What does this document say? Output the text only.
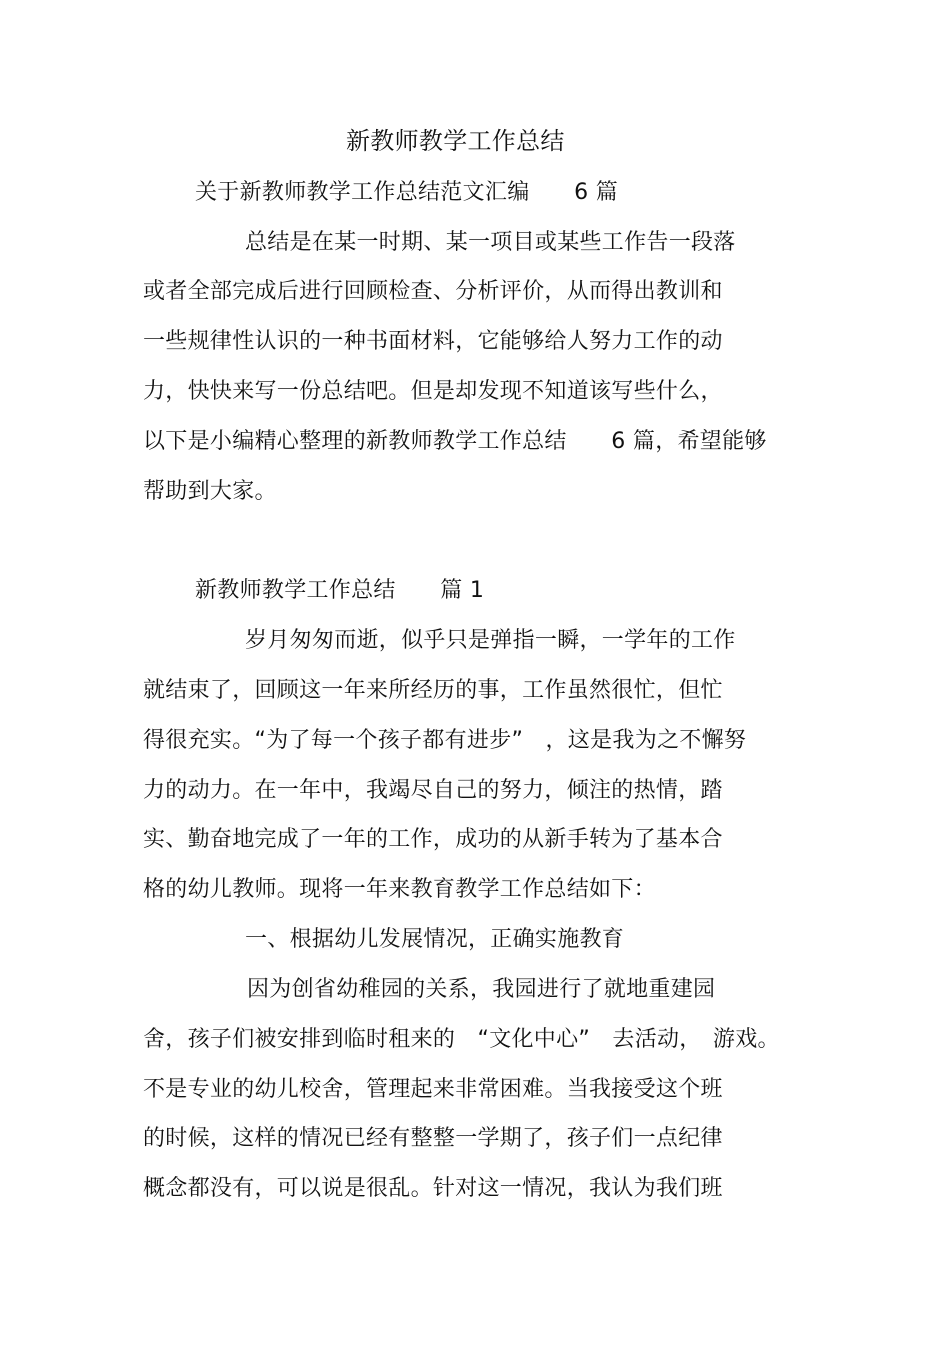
新教师教学工作总结
关于新教师教学工作总结范文汇编　　6 篇
总结是在某一时期、某一项目或某些工作告一段落
或者全部完成后进行回顾检查、分析评价，从而得出教训和
一些规律性认识的一种书面材料，它能够给人努力工作的动
力，快快来写一份总结吧。但是却发现不知道该写些什么，
以下是小编精心整理的新教师教学工作总结　　6 篇，希望能够
帮助到大家。
新教师教学工作总结　　篇 1
岁月匆匆而逝，似乎只是弹指一瞬，一学年的工作
就结束了，回顾这一年来所经历的事，工作虽然很忙，但忙
得很充实。“为了每一个孩子都有进步”　，这是我为之不懈努
力的动力。在一年中，我竭尽自己的努力，倾注的热情，踏
实、勤奋地完成了一年的工作，成功的从新手转为了基本合
格的幼儿教师。现将一年来教育教学工作总结如下：
一、根据幼儿发展情况，正确实施教育
因为创省幼稚园的关系，我园进行了就地重建园
舍，孩子们被安排到临时租来的　“文化中心”　去活动，　游戏。
不是专业的幼儿校舍，管理起来非常困难。当我接受这个班
的时候，这样的情况已经有整整一学期了，孩子们一点纪律
概念都没有，可以说是很乱。针对这一情况，我认为我们班
